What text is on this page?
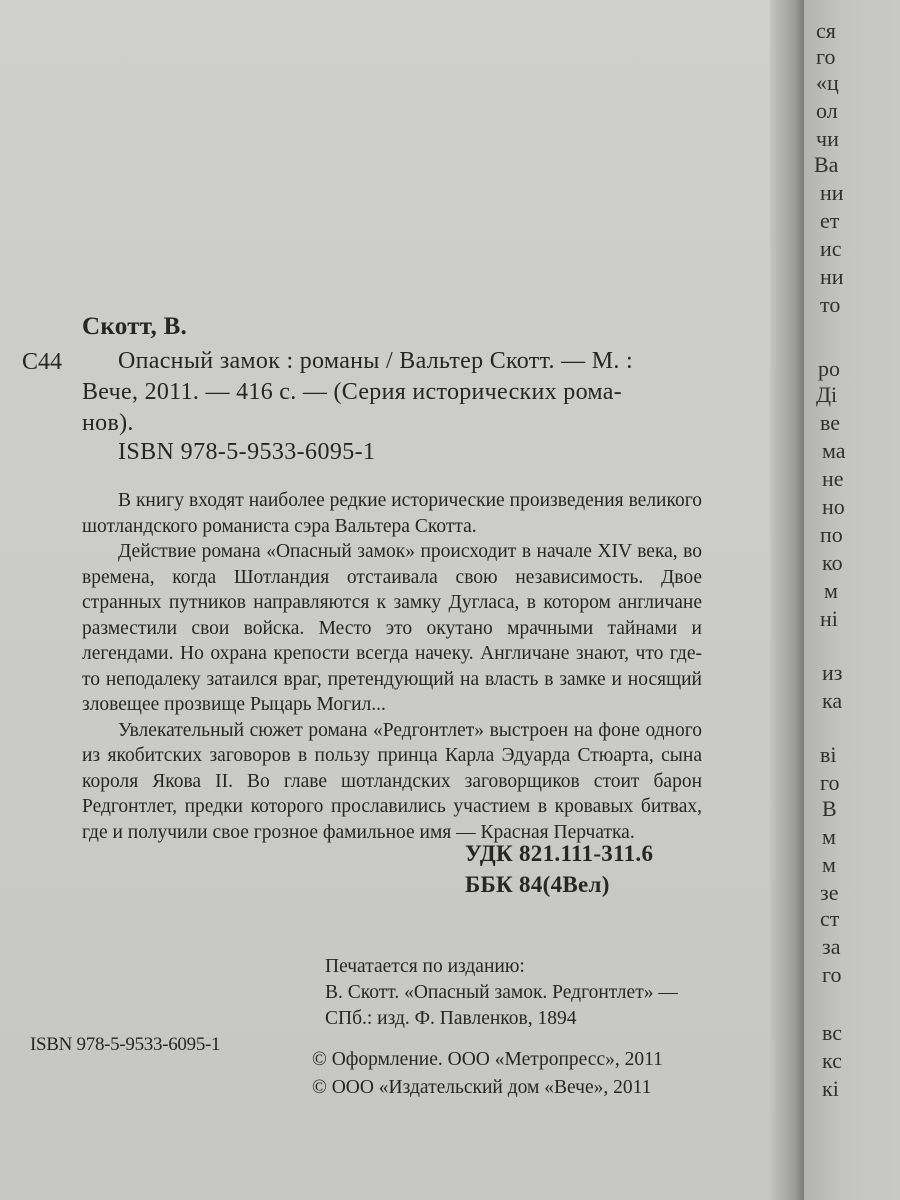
Скотт, В.
С44	Опасный замок : романы / Вальтер Скотт. — М. :
Вече, 2011. — 416 с. — (Серия исторических рома-
нов).
ISBN 978-5-9533-6095-1

В книгу входят наиболее редкие исторические произведения великого шотландского романиста сэра Вальтера Скотта.

Действие романа «Опасный замок» происходит в начале XIV века, во времена, когда Шотландия отстаивала свою независимость. Двое странных путников направляются к замку Дугласа, в котором англичане разместили свои войска. Место это окутано мрачными тайнами и легендами. Но охрана крепости всегда начеку. Англичане знают, что где-то неподалеку затаился враг, претендующий на власть в замке и носящий зловещее прозвище Рыцарь Могил...

Увлекательный сюжет романа «Редгонтлет» выстроен на фоне одного из якобитских заговоров в пользу принца Карла Эдуарда Стюарта, сына короля Якова II. Во главе шотландских заговорщиков стоит барон Редгонтлет, предки которого прославились участием в кровавых битвах, где и получили свое грозное фамильное имя — Красная Перчатка.

УДК 821.111-311.6
ББК 84(4Вел)
Печатается по изданию:
В. Скотт. «Опасный замок. Редгонтлет» —
СПб.: изд. Ф. Павленков, 1894
ISBN 978-5-9533-6095-1
© Оформление. ООО «Метропресс», 2011
© ООО «Издательский дом «Вече», 2011
ся
го
«ц
ол
чи
Ва
ни
ет
ис
ни
то
ро
Ді
ве
ма
не
но
по
ко
м
ні
из
ка
ві
го
В
м
м
зе
ст
за
го
вс
кс
кі
